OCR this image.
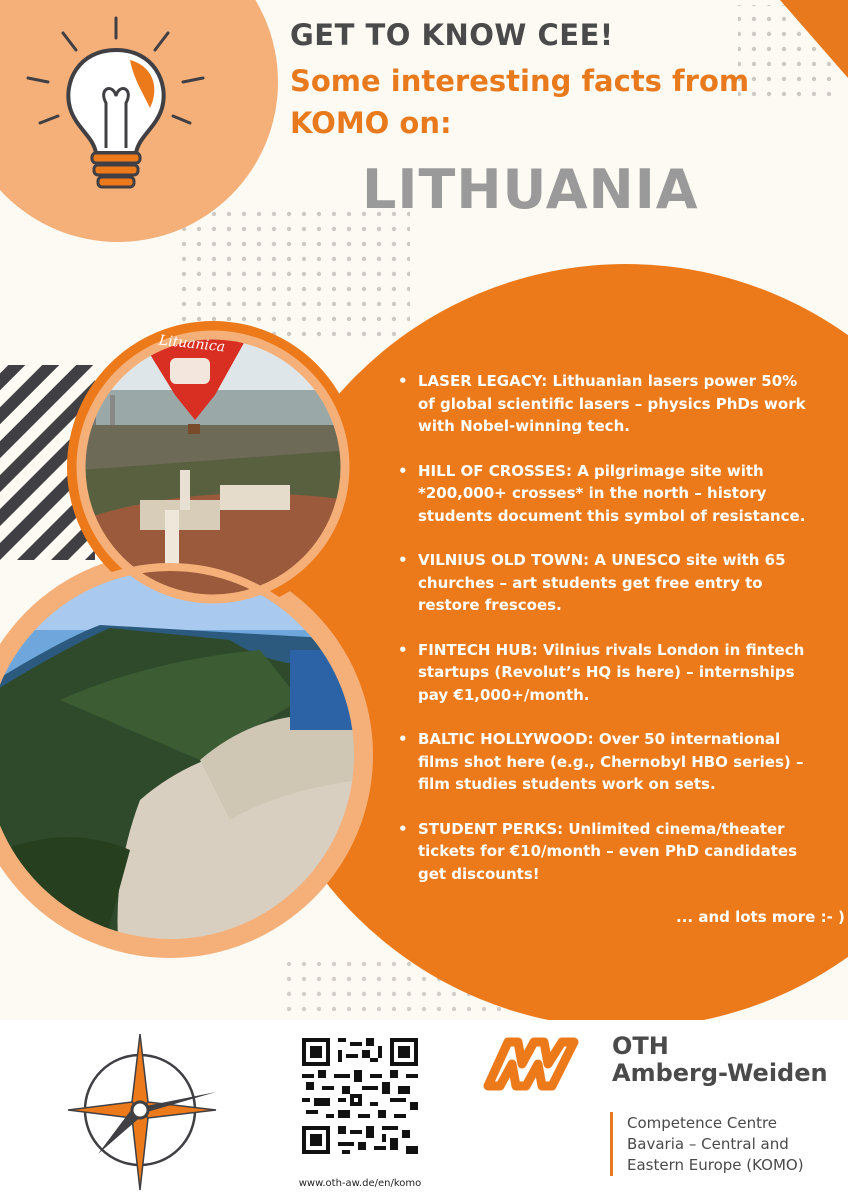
Lituanica
GET TO KNOW CEE!
Some interesting facts from KOMO on:
LITHUANIA
• LASER LEGACY: Lithuanian lasers power 50% of global scientific lasers – physics PhDs work with Nobel-winning tech.
• HILL OF CROSSES: A pilgrimage site with *200,000+ crosses* in the north – history students document this symbol of resistance.
• VILNIUS OLD TOWN: A UNESCO site with 65 churches – art students get free entry to restore frescoes.
• FINTECH HUB: Vilnius rivals London in fintech startups (Revolut’s HQ is here) – internships pay €1,000+/month.
• BALTIC HOLLYWOOD: Over 50 international films shot here (e.g., Chernobyl HBO series) – film studies students work on sets.
• STUDENT PERKS: Unlimited cinema/theater tickets for €10/month – even PhD candidates get discounts!
... and lots more :- )
www.oth-aw.de/en/komo
OTH
Amberg-Weiden
Competence Centre
Bavaria – Central and
Eastern Europe (KOMO)
